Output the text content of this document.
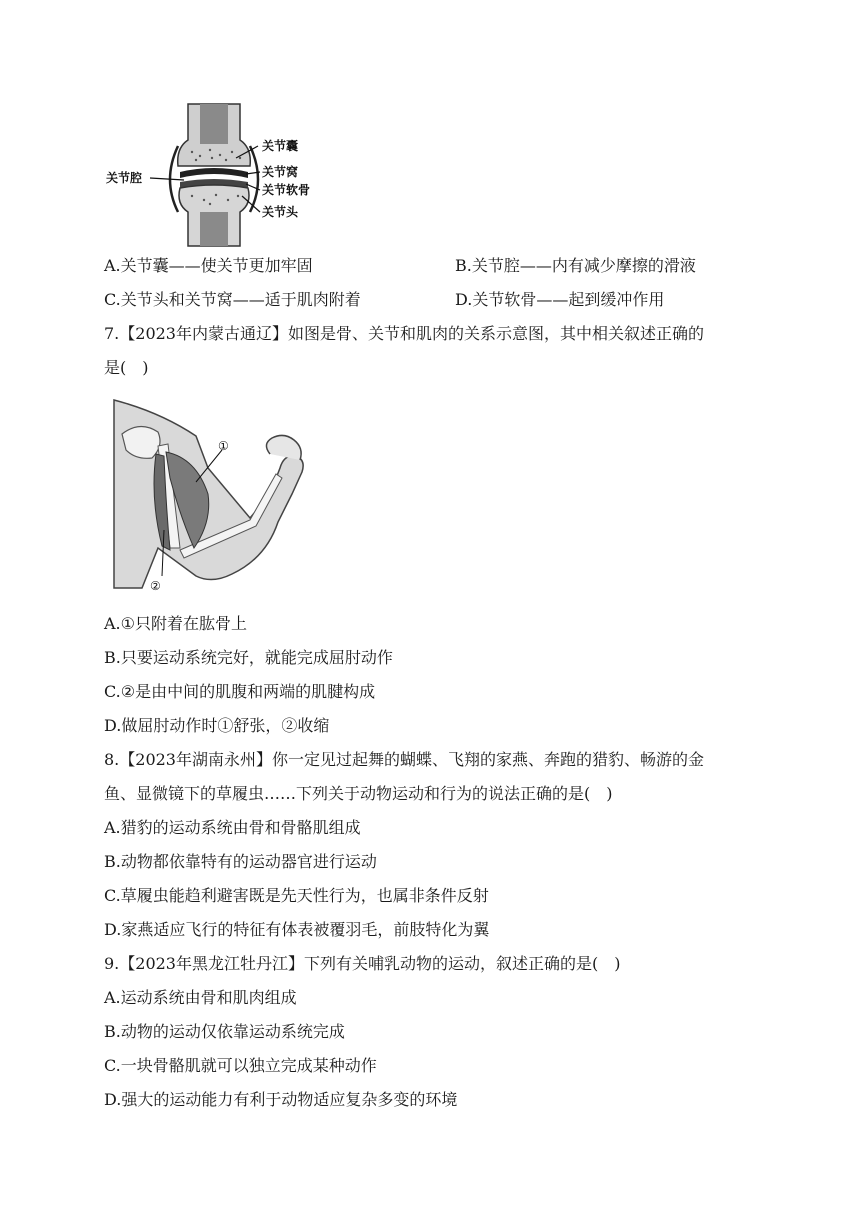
关节囊
关节窝
关节软骨
关节头
关节腔
A.关节囊——使关节更加牢固	B.关节腔——内有减少摩擦的滑液
C.关节头和关节窝——适于肌肉附着	D.关节软骨——起到缓冲作用
7.【2023年内蒙古通辽】如图是骨、关节和肌肉的关系示意图，其中相关叙述正确的
是(　)
①
②
A.①只附着在肱骨上
B.只要运动系统完好，就能完成屈肘动作
C.②是由中间的肌腹和两端的肌腱构成
D.做屈肘动作时①舒张，②收缩
8.【2023年湖南永州】你一定见过起舞的蝴蝶、飞翔的家燕、奔跑的猎豹、畅游的金
鱼、显微镜下的草履虫……下列关于动物运动和行为的说法正确的是(　)
A.猎豹的运动系统由骨和骨骼肌组成
B.动物都依靠特有的运动器官进行运动
C.草履虫能趋利避害既是先天性行为，也属非条件反射
D.家燕适应飞行的特征有体表被覆羽毛，前肢特化为翼
9.【2023年黑龙江牡丹江】下列有关哺乳动物的运动，叙述正确的是(　)
A.运动系统由骨和肌肉组成
B.动物的运动仅依靠运动系统完成
C.一块骨骼肌就可以独立完成某种动作
D.强大的运动能力有利于动物适应复杂多变的环境
